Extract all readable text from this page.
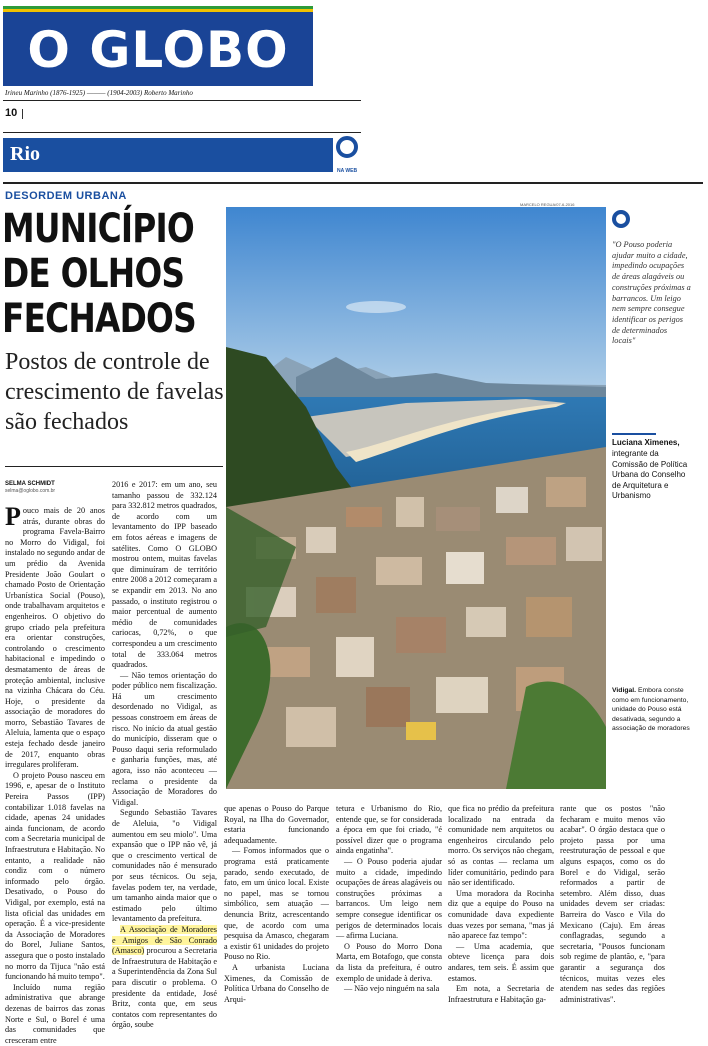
O GLOBO
Irineu Marinho (1876-1925) ——— (1904-2003) Roberto Marinho
10
Rio
NA WEB
DESORDEM URBANA
MUNICÍPIO
DE OLHOS
FECHADOS
Postos de controle de crescimento de favelas são fechados
SELMA SCHMIDT
selma@oglobo.com.br
MARCELO REGUA/07-6-2016
"O Pouso poderia ajudar muito a cidade, impedindo ocupações de áreas alagáveis ou construções próximas a barrancos. Um leigo nem sempre consegue identificar os perigos de determinados locais"
Luciana Ximenes,
integrante da Comissão de Política Urbana do Conselho de Arquitetura e Urbanismo
Vidigal. Embora conste como em funcionamento, unidade do Pouso está desativada, segundo a associação de moradores

Pouco mais de 20 anos atrás, durante obras do programa Favela-Bairro no Morro do Vidigal, foi instalado no segundo andar de um prédio da Avenida Presidente João Goulart o chamado Posto de Orientação Urbanística Social (Pouso), onde trabalhavam arquitetos e engenheiros. O objetivo do grupo criado pela prefeitura era orientar construções, controlando o crescimento habitacional e impedindo o desmatamento de áreas de proteção ambiental, inclusive na vizinha Chácara do Céu. Hoje, o presidente da associação de moradores do morro, Sebastião Tavares de Aleluia, lamenta que o espaço esteja fechado desde janeiro de 2017, enquanto obras irregulares proliferam.

O projeto Pouso nasceu em 1996, e, apesar de o Instituto Pereira Passos (IPP) contabilizar 1.018 favelas na cidade, apenas 24 unidades ainda funcionam, de acordo com a Secretaria municipal de Infraestrutura e Habitação. No entanto, a realidade não condiz com o número informado pelo órgão. Desativado, o Pouso do Vidigal, por exemplo, está na lista oficial das unidades em operação. É a vice-presidente da Associação de Moradores do Borel, Juliane Santos, assegura que o posto instalado no morro da Tijuca "não está funcionando há muito tempo".

Incluído numa região administrativa que abrange dezenas de bairros das zonas Norte e Sul, o Borel é uma das comunidades que cresceram entre

2016 e 2017: em um ano, seu tamanho passou de 332.124 para 332.812 metros quadrados, de acordo com um levantamento do IPP baseado em fotos aéreas e imagens de satélites. Como O GLOBO mostrou ontem, muitas favelas que diminuíram de território entre 2008 a 2012 começaram a se expandir em 2013. No ano passado, o instituto registrou o maior percentual de aumento médio de comunidades cariocas, 0,72%, o que correspondeu a um crescimento total de 333.064 metros quadrados.

— Não temos orientação do poder público nem fiscalização. Há um crescimento desordenado no Vidigal, as pessoas constroem em áreas de risco. No início da atual gestão do município, disseram que o Pouso daqui seria reformulado e ganharia funções, mas, até agora, isso não aconteceu — reclama o presidente da Associação de Moradores do Vidigal.

Segundo Sebastião Tavares de Aleluia, "o Vidigal aumentou em seu miolo". Uma expansão que o IPP não vê, já que o crescimento vertical de comunidades não é mensurado por seus técnicos. Ou seja, favelas podem ter, na verdade, um tamanho ainda maior que o estimado pelo último levantamento da prefeitura.

A Associação de Moradores e Amigos de São Conrado (Amasco) procurou a Secretaria de Infraestrutura de Habitação e a Superintendência da Zona Sul para discutir o problema. O presidente da entidade, José Britz, conta que, em seus contatos com representantes do órgão, soube

que apenas o Pouso do Parque Royal, na Ilha do Governador, estaria funcionando adequadamente.

— Fomos informados que o programa está praticamente parado, sendo executado, de fato, em um único local. Existe no papel, mas se tornou simbólico, sem atuação — denuncia Britz, acrescentando que, de acordo com uma pesquisa da Amasco, chegaram a existir 61 unidades do projeto Pouso no Rio.

A urbanista Luciana Ximenes, da Comissão de Política Urbana do Conselho de Arqui-

tetura e Urbanismo do Rio, entende que, se for considerada a época em que foi criado, "é possível dizer que o programa ainda engatinha".

— O Pouso poderia ajudar muito a cidade, impedindo ocupações de áreas alagáveis ou construções próximas a barrancos. Um leigo nem sempre consegue identificar os perigos de determinados locais — afirma Luciana.

O Pouso do Morro Dona Marta, em Botafogo, que consta da lista da prefeitura, é outro exemplo de unidade à deriva.

— Não vejo ninguém na sala

que fica no prédio da prefeitura localizado na entrada da comunidade nem arquitetos ou engenheiros circulando pelo morro. Os serviços não chegam, só as contas — reclama um líder comunitário, pedindo para não ser identificado.

Uma moradora da Rocinha diz que a equipe do Pouso na comunidade dava expediente duas vezes por semana, "mas já não aparece faz tempo":

— Uma academia, que obteve licença para dois andares, tem seis. É assim que estamos.

Em nota, a Secretaria de Infraestrutura e Habitação ga-

rante que os postos "não fecharam e muito menos vão acabar". O órgão destaca que o projeto passa por uma reestruturação de pessoal e que alguns espaços, como os do Borel e do Vidigal, serão reformados a partir de setembro. Além disso, duas unidades devem ser criadas: Barreira do Vasco e Vila do Mexicano (Caju). Em áreas conflagradas, segundo a secretaria, "Pousos funcionam sob regime de plantão, e, "para garantir a segurança dos técnicos, muitas vezes eles atendem nas sedes das regiões administrativas".
